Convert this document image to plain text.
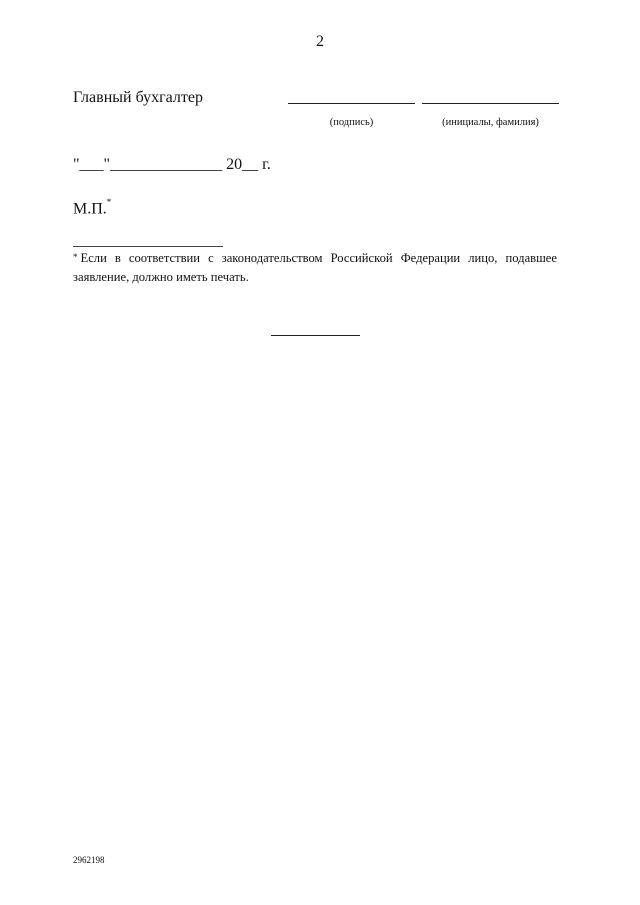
2
Главный бухгалтер
(подпись)	(инициалы, фамилия)
"___"______________ 20__ г.
М.П.*
* Если в соответствии с законодательством Российской Федерации лицо, подавшее заявление, должно иметь печать.
2962198
